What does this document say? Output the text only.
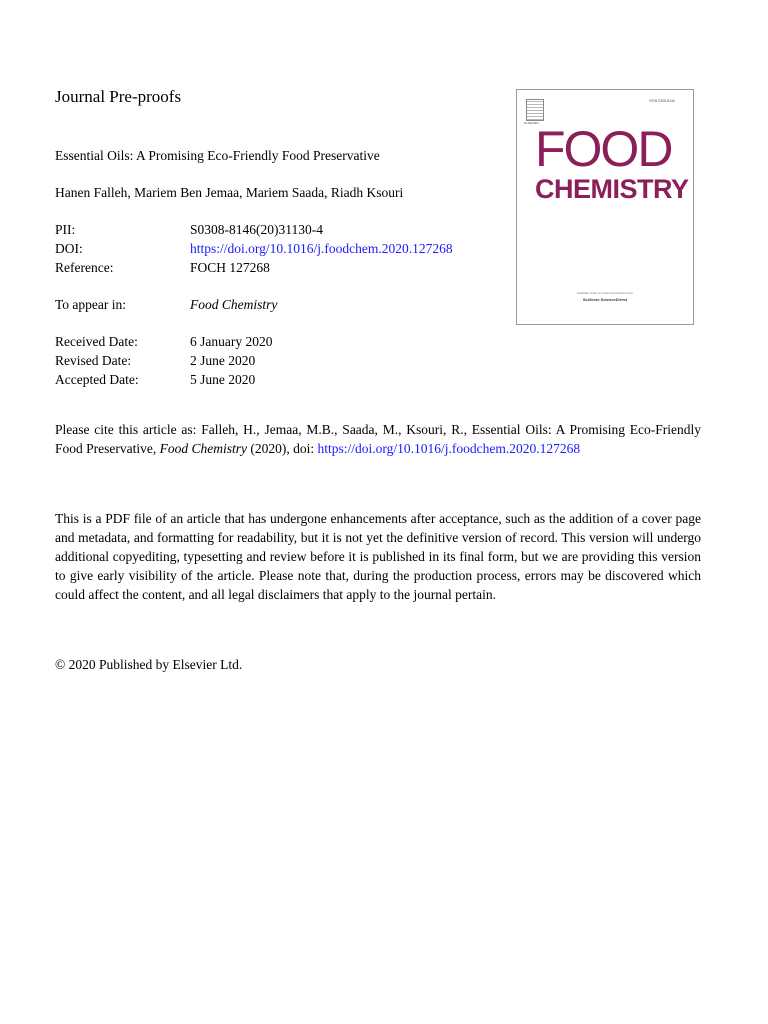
Journal Pre-proofs
Essential Oils: A Promising Eco-Friendly Food Preservative
Hanen Falleh, Mariem Ben Jemaa, Mariem Saada, Riadh Ksouri
PII:	S0308-8146(20)31130-4
DOI:	https://doi.org/10.1016/j.foodchem.2020.127268
Reference:	FOCH 127268
To appear in:	Food Chemistry
Received Date:	6 January 2020
Revised Date:	2 June 2020
Accepted Date:	5 June 2020
Please cite this article as: Falleh, H., Jemaa, M.B., Saada, M., Ksouri, R., Essential Oils: A Promising Eco-Friendly Food Preservative, Food Chemistry (2020), doi: https://doi.org/10.1016/j.foodchem.2020.127268
This is a PDF file of an article that has undergone enhancements after acceptance, such as the addition of a cover page and metadata, and formatting for readability, but it is not yet the definitive version of record. This version will undergo additional copyediting, typesetting and review before it is published in its final form, but we are providing this version to give early visibility of the article. Please note that, during the production process, errors may be discovered which could affect the content, and all legal disclaimers that apply to the journal pertain.
© 2020 Published by Elsevier Ltd.
ELSEVIER
ISSN 0308-8146
FOOD
CHEMISTRY
Available online at www.sciencedirect.com
SciVerse ScienceDirect
